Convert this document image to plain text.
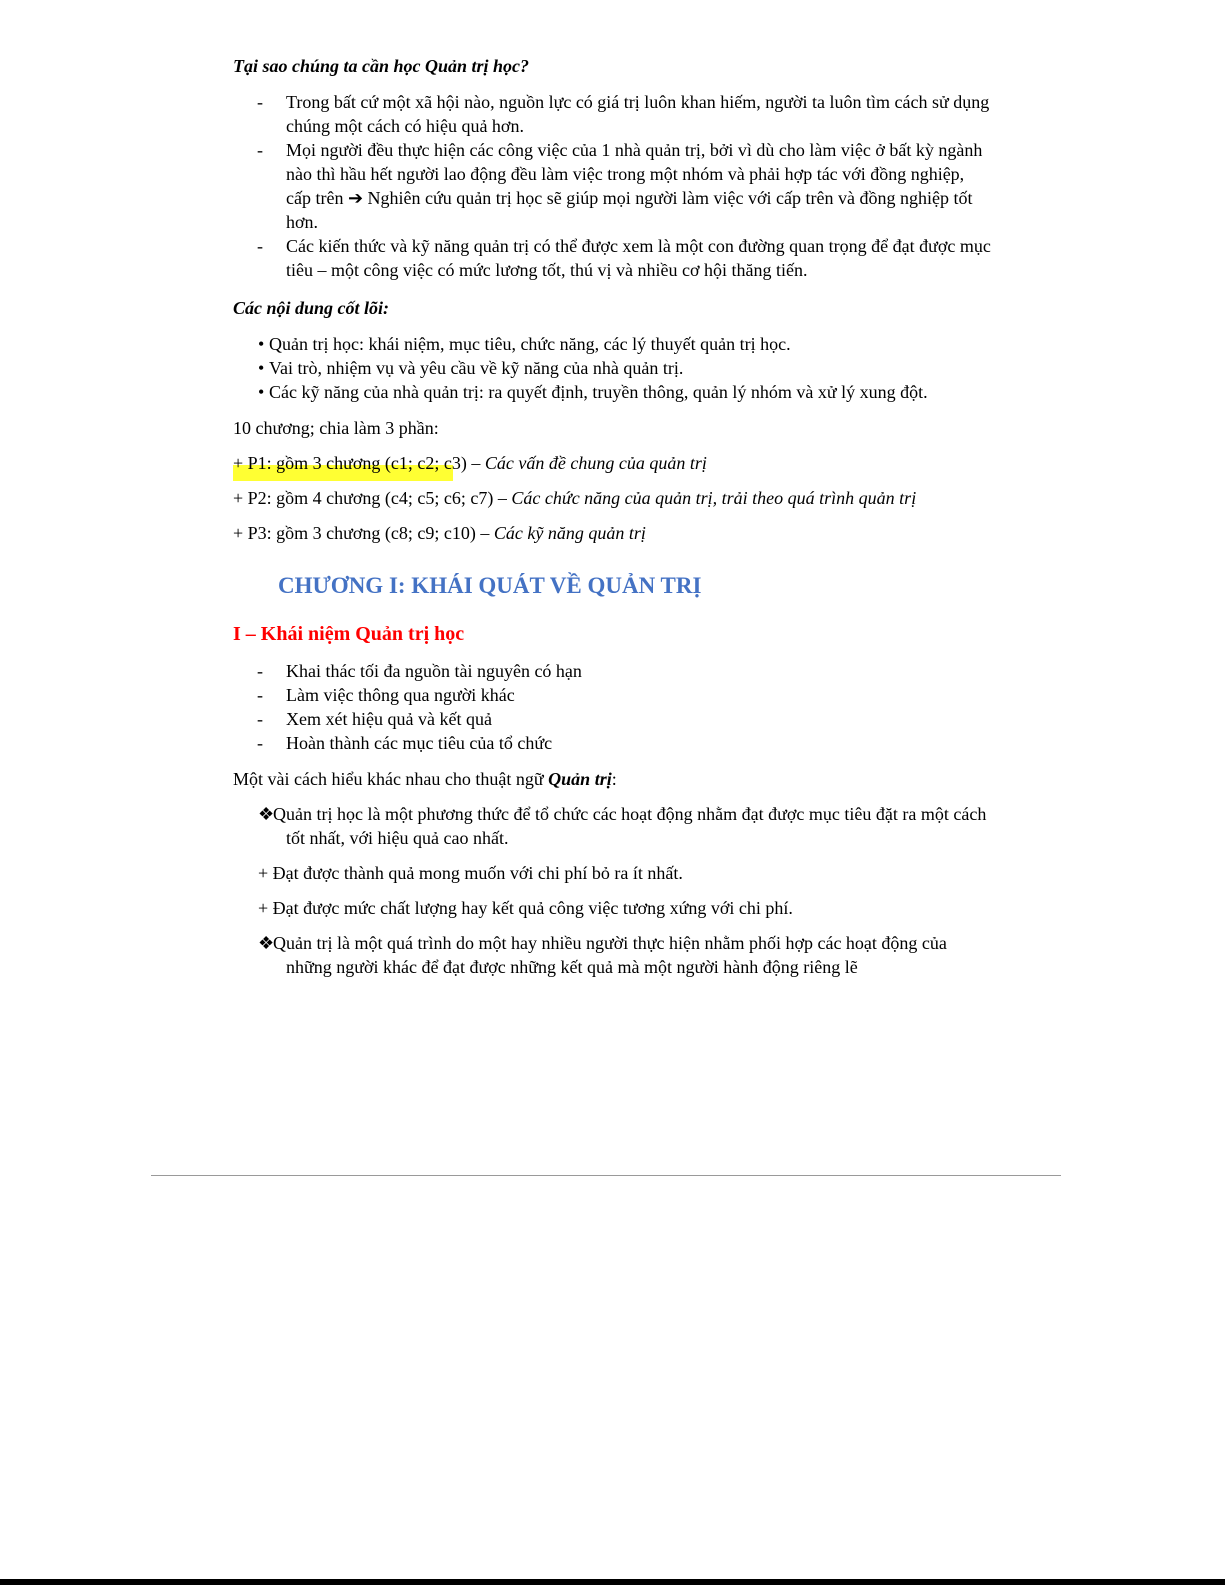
Tại sao chúng ta cần học Quản trị học?

- Trong bất cứ một xã hội nào, nguồn lực có giá trị luôn khan hiếm, người ta luôn tìm cách sử dụng chúng một cách có hiệu quả hơn.
- Mọi người đều thực hiện các công việc của 1 nhà quản trị, bởi vì dù cho làm việc ở bất kỳ ngành nào thì hầu hết người lao động đều làm việc trong một nhóm và phải hợp tác với đồng nghiệp, cấp trên ➔ Nghiên cứu quản trị học sẽ giúp mọi người làm việc với cấp trên và đồng nghiệp tốt hơn.
- Các kiến thức và kỹ năng quản trị có thể được xem là một con đường quan trọng để đạt được mục tiêu – một công việc có mức lương tốt, thú vị và nhiều cơ hội thăng tiến.

Các nội dung cốt lõi:

• Quản trị học: khái niệm, mục tiêu, chức năng, các lý thuyết quản trị học.
• Vai trò, nhiệm vụ và yêu cầu về kỹ năng của nhà quản trị.
• Các kỹ năng của nhà quản trị: ra quyết định, truyền thông, quản lý nhóm và xử lý xung đột.

10 chương; chia làm 3 phần:

+ P1: gồm 3 chương (c1; c2; c3) – Các vấn đề chung của quản trị

+ P2: gồm 4 chương (c4; c5; c6; c7) – Các chức năng của quản trị, trải theo quá trình quản trị

+ P3: gồm 3 chương (c8; c9; c10) – Các kỹ năng quản trị

CHƯƠNG I: KHÁI QUÁT VỀ QUẢN TRỊ

I – Khái niệm Quản trị học

- Khai thác tối đa nguồn tài nguyên có hạn
- Làm việc thông qua người khác
- Xem xét hiệu quả và kết quả
- Hoàn thành các mục tiêu của tổ chức

Một vài cách hiểu khác nhau cho thuật ngữ Quản trị:

❖Quản trị học là một phương thức để tổ chức các hoạt động nhằm đạt được mục tiêu đặt ra một cách tốt nhất, với hiệu quả cao nhất.

+ Đạt được thành quả mong muốn với chi phí bỏ ra ít nhất.

+ Đạt được mức chất lượng hay kết quả công việc tương xứng với chi phí.

❖Quản trị là một quá trình do một hay nhiều người thực hiện nhằm phối hợp các hoạt động của những người khác để đạt được những kết quả mà một người hành động riêng lẽ
